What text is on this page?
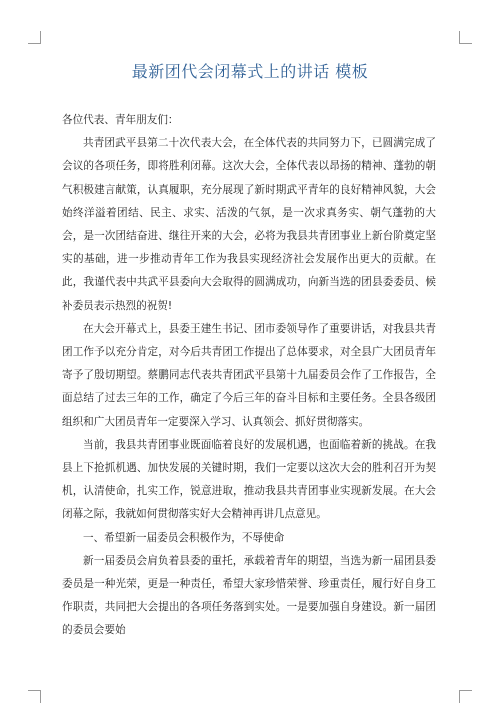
最新团代会闭幕式上的讲话 模板

各位代表、青年朋友们：

共青团武平县第二十次代表大会，在全体代表的共同努力下，已圆满完成了会议的各项任务，即将胜利闭幕。这次大会，全体代表以昂扬的精神、蓬勃的朝气积极建言献策，认真履职，充分展现了新时期武平青年的良好精神风貌，大会始终洋溢着团结、民主、求实、活泼的气氛，是一次求真务实、朝气蓬勃的大会，是一次团结奋进、继往开来的大会，必将为我县共青团事业上新台阶奠定坚实的基础，进一步推动青年工作为我县实现经济社会发展作出更大的贡献。在此，我谨代表中共武平县委向大会取得的圆满成功，向新当选的团县委委员、候补委员表示热烈的祝贺!

在大会开幕式上，县委王建生书记、团市委领导作了重要讲话，对我县共青团工作予以充分肯定，对今后共青团工作提出了总体要求，对全县广大团员青年寄予了殷切期望。蔡鹏同志代表共青团武平县第十九届委员会作了工作报告，全面总结了过去三年的工作，确定了今后三年的奋斗目标和主要任务。全县各级团组织和广大团员青年一定要深入学习、认真领会、抓好贯彻落实。

当前，我县共青团事业既面临着良好的发展机遇，也面临着新的挑战。在我县上下抢抓机遇、加快发展的关键时期，我们一定要以这次大会的胜利召开为契机，认清使命，扎实工作，锐意进取，推动我县共青团事业实现新发展。在大会闭幕之际，我就如何贯彻落实好大会精神再讲几点意见。

一、希望新一届委员会积极作为，不辱使命

新一届委员会肩负着县委的重托，承载着青年的期望，当选为新一届团县委委员是一种光荣，更是一种责任，希望大家珍惜荣誉、珍重责任，履行好自身工作职责，共同把大会提出的各项任务落到实处。一是要加强自身建设。新一届团的委员会要始
